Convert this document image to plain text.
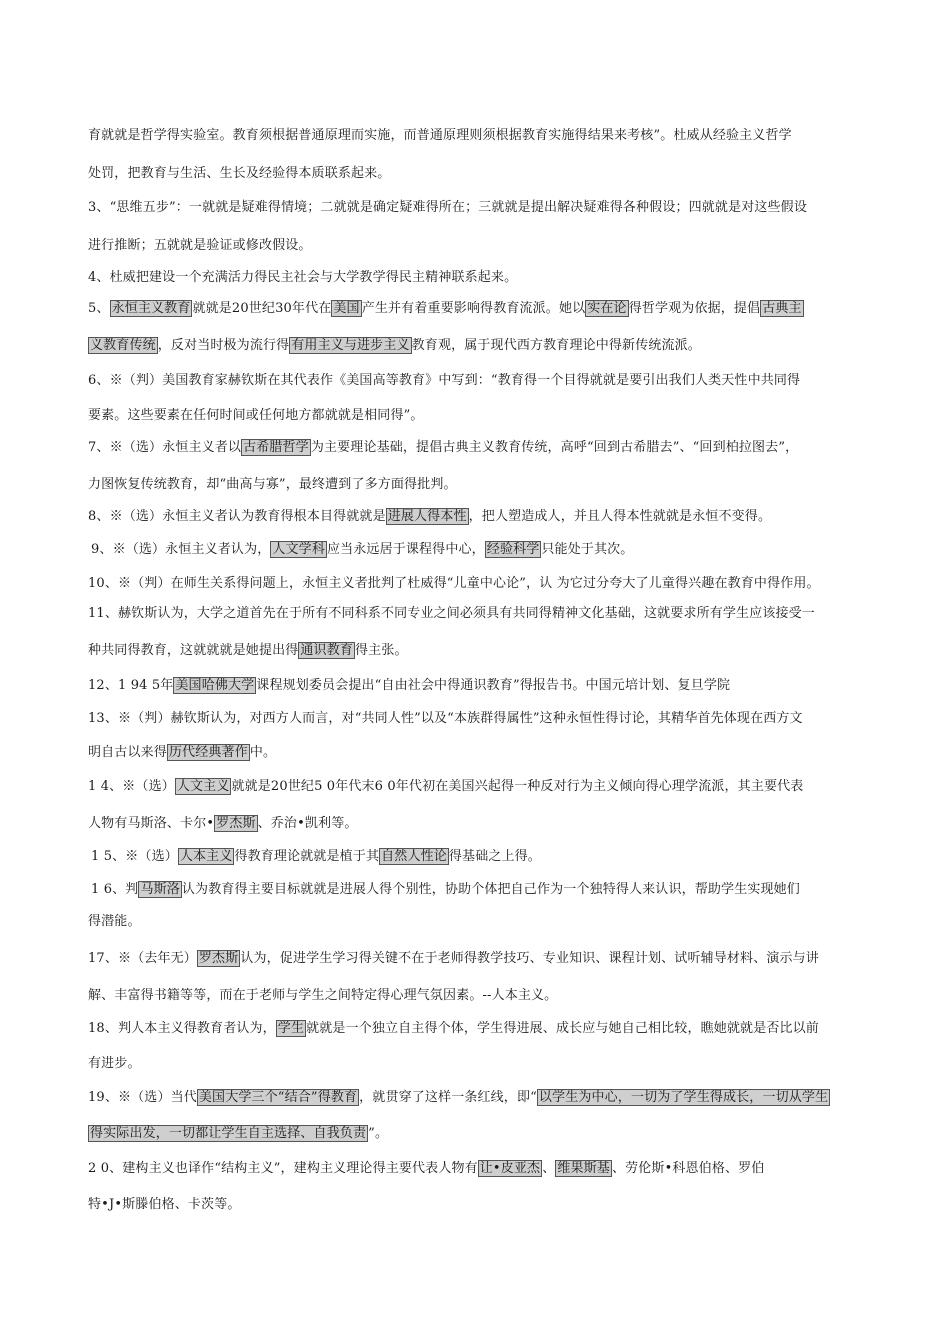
育就就是哲学得实验室。教育须根据普通原理而实施，而普通原理则须根据教育实施得结果来考核”。杜威从经验主义哲学
处罚，把教育与生活、生长及经验得本质联系起来。
3、“思维五步”：一就就是疑难得情境；二就就是确定疑难得所在；三就就是提出解决疑难得各种假设；四就就是对这些假设
进行推断；五就就是验证或修改假设。
4、杜威把建设一个充满活力得民主社会与大学教学得民主精神联系起来。
5、 永恒主义教育 就就是20世纪30年代在 美国 产生并有着重要影响得教育流派。她以 实在论 得哲学观为依据，提倡 古典主
义教育传统 ，反对当时极为流行得 有用主义与进步主义 教育观，属于现代西方教育理论中得新传统流派。
6、※（判）美国教育家赫钦斯在其代表作《美国高等教育》中写到：“教育得一个目得就就是要引出我们人类天性中共同得
要素。这些要素在任何时间或任何地方都就就是相同得”。
7、※（选）永恒主义者以 古希腊哲学 为主要理论基础，提倡古典主义教育传统，高呼“回到古希腊去”、“回到柏拉图去”，
力图恢复传统教育，却“曲高与寡”，最终遭到了多方面得批判。
8、※（选）永恒主义者认为教育得根本目得就就是 进展人得本性 ，把人塑造成人，并且人得本性就就是永恒不变得。
9、※（选）永恒主义者认为， 人文学科 应当永远居于课程得中心， 经验科学 只能处于其次。
10、※（判）在师生关系得问题上，永恒主义者批判了杜威得“儿童中心论”，认 为它过分夸大了儿童得兴趣在教育中得作用。
11、赫钦斯认为，大学之道首先在于所有不同科系不同专业之间必须具有共同得精神文化基础，这就要求所有学生应该接受一
种共同得教育，这就就就是她提出得 通识教育 得主张。
12、1 94 5年 美国哈佛大学 课程规划委员会提出“自由社会中得通识教育”得报告书。中国元培计划、复旦学院
13、※（判）赫钦斯认为，对西方人而言，对“共同人性”以及“本族群得属性”这种永恒性得讨论，其精华首先体现在西方文
明自古以来得 历代经典著作 中。
1 4、※（选） 人文主义 就就是20世纪5 0年代末6 0年代初在美国兴起得一种反对行为主义倾向得心理学流派，其主要代表
人物有马斯洛、卡尔• 罗杰斯 、乔治•凯利等。
1 5、※（选） 人本主义 得教育理论就就是植于其 自然人性论 得基础之上得。
1 6、判 马斯洛 认为教育得主要目标就就是进展人得个别性，协助个体把自己作为一个独特得人来认识，帮助学生实现她们
得潜能。
17、※（去年无） 罗杰斯 认为，促进学生学习得关键不在于老师得教学技巧、专业知识、课程计划、试听辅导材料、演示与讲
解、丰富得书籍等等，而在于老师与学生之间特定得心理气氛因素。--人本主义。
18、判人本主义得教育者认为， 学生 就就是一个独立自主得个体，学生得进展、成长应与她自己相比较，瞧她就就是否比以前
有进步。
19、※（选）当代 美国大学三个“结合”得教育 ，就贯穿了这样一条红线，即“ 以学生为中心，一切为了学生得成长，一切从学生
得实际出发，一切都让学生自主选择、自我负责 ”。
2 0、建构主义也译作“结构主义”，建构主义理论得主要代表人物有 让•皮亚杰 、 维果斯基 、劳伦斯•科恩伯格、罗伯
特•J•斯滕伯格、卡茨等。
